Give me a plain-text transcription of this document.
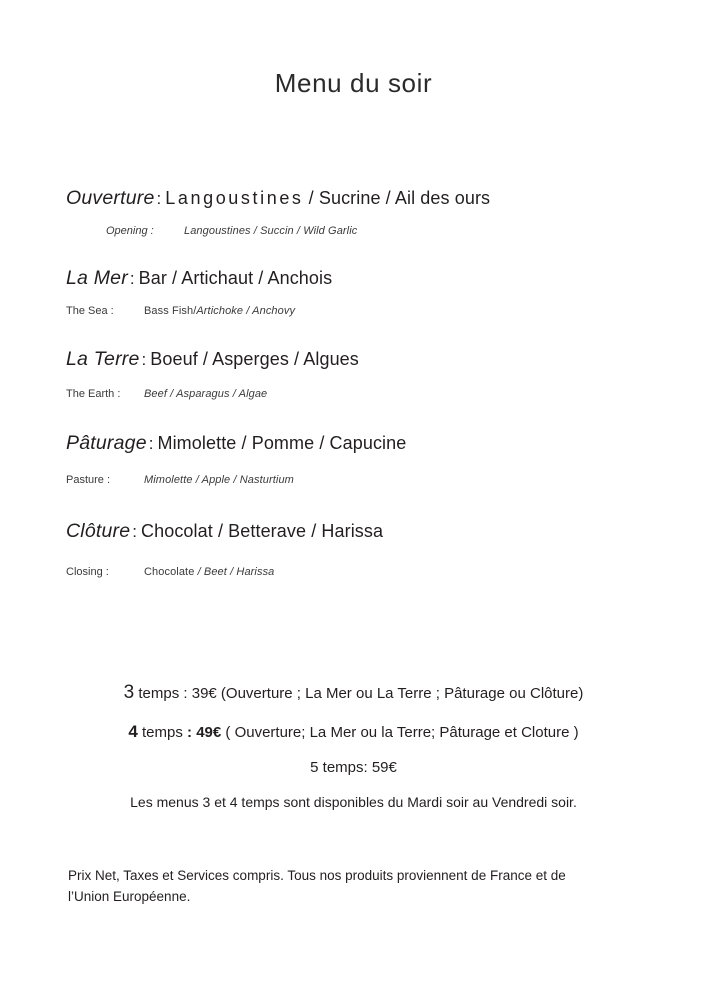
Menu du soir
Ouverture : Langoustines / Sucrine / Ail des ours
Opening :	Langoustines / Succin / Wild Garlic
La Mer : Bar / Artichaut / Anchois
The Sea :	Bass Fish/Artichoke / Anchovy
La Terre : Boeuf / Asperges / Algues
The Earth : Beef / Asparagus / Algae
Pâturage : Mimolette / Pomme / Capucine
Pasture :	Mimolette / Apple / Nasturtium
Clôture : Chocolat / Betterave / Harissa
Closing :	Chocolate / Beet / Harissa
3 temps : 39€ (Ouverture ; La Mer ou La Terre ; Pâturage ou Clôture)
4 temps : 49€ ( Ouverture; La Mer ou la Terre; Pâturage et Cloture )
5 temps: 59€
Les menus 3 et 4 temps sont disponibles du Mardi soir au Vendredi soir.
Prix Net, Taxes et Services compris. Tous nos produits proviennent de France et de l’Union Européenne.
